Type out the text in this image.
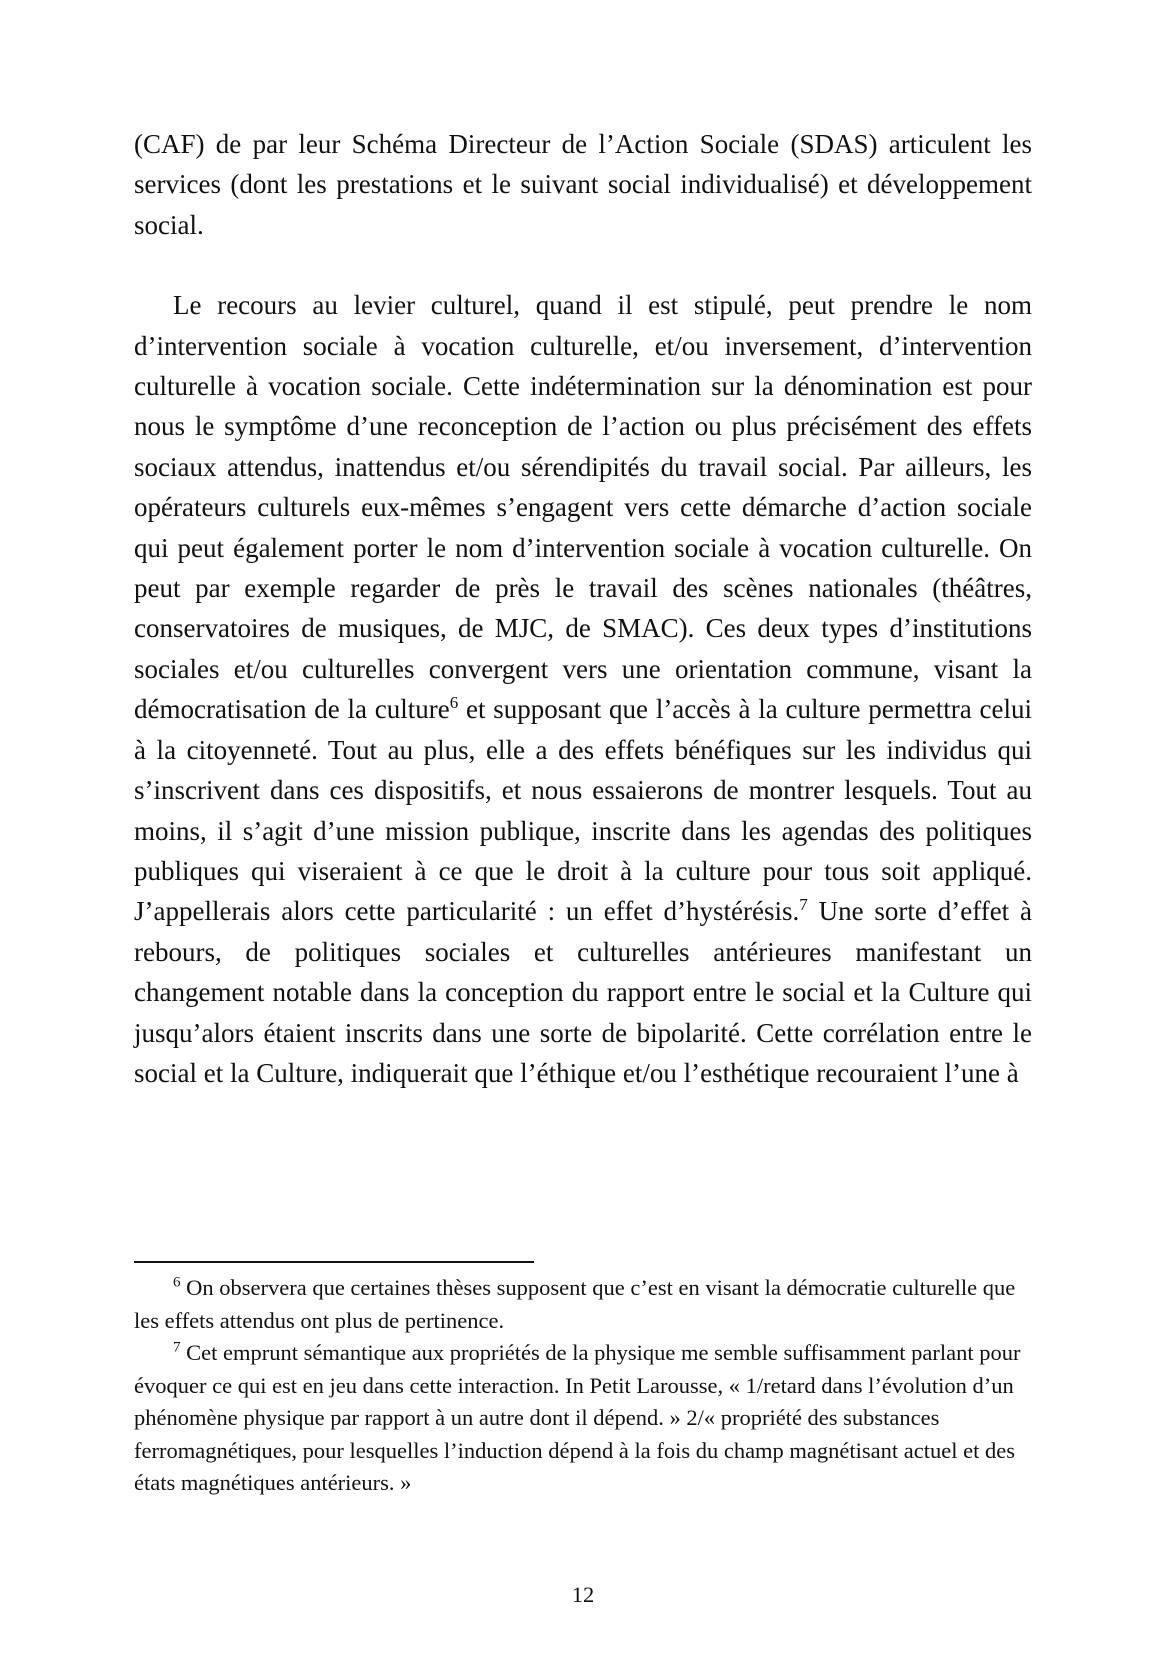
(CAF) de par leur Schéma Directeur de l’Action Sociale (SDAS) articulent les services (dont les prestations et le suivant social individualisé) et développement social.

Le recours au levier culturel, quand il est stipulé, peut prendre le nom d’intervention sociale à vocation culturelle, et/ou inversement, d’intervention culturelle à vocation sociale. Cette indétermination sur la dénomination est pour nous le symptôme d’une reconception de l’action ou plus précisément des effets sociaux attendus, inattendus et/ou sérendipités du travail social. Par ailleurs, les opérateurs culturels eux-mêmes s’engagent vers cette démarche d’action sociale qui peut également porter le nom d’intervention sociale à vocation culturelle. On peut par exemple regarder de près le travail des scènes nationales (théâtres, conservatoires de musiques, de MJC, de SMAC). Ces deux types d’institutions sociales et/ou culturelles convergent vers une orientation commune, visant la démocratisation de la culture$^6$ et supposant que l’accès à la culture permettra celui à la citoyenneté. Tout au plus, elle a des effets bénéfiques sur les individus qui s’inscrivent dans ces dispositifs, et nous essaierons de montrer lesquels. Tout au moins, il s’agit d’une mission publique, inscrite dans les agendas des politiques publiques qui viseraient à ce que le droit à la culture pour tous soit appliqué. J’appellerais alors cette particularité : un effet d’hystérésis.$^7$ Une sorte d’effet à rebours, de politiques sociales et culturelles antérieures manifestant un changement notable dans la conception du rapport entre le social et la Culture qui jusqu’alors étaient inscrits dans une sorte de bipolarité. Cette corrélation entre le social et la Culture, indiquerait que l’éthique et/ou l’esthétique recouraient l’une à

$^6$ On observera que certaines thèses supposent que c’est en visant la démocratie culturelle que les effets attendus ont plus de pertinence.

$^7$ Cet emprunt sémantique aux propriétés de la physique me semble suffisamment parlant pour évoquer ce qui est en jeu dans cette interaction. In Petit Larousse, « 1/retard dans l’évolution d’un phénomène physique par rapport à un autre dont il dépend. » 2/« propriété des substances ferromagnétiques, pour lesquelles l’induction dépend à la fois du champ magnétisant actuel et des états magnétiques antérieurs. »

12
